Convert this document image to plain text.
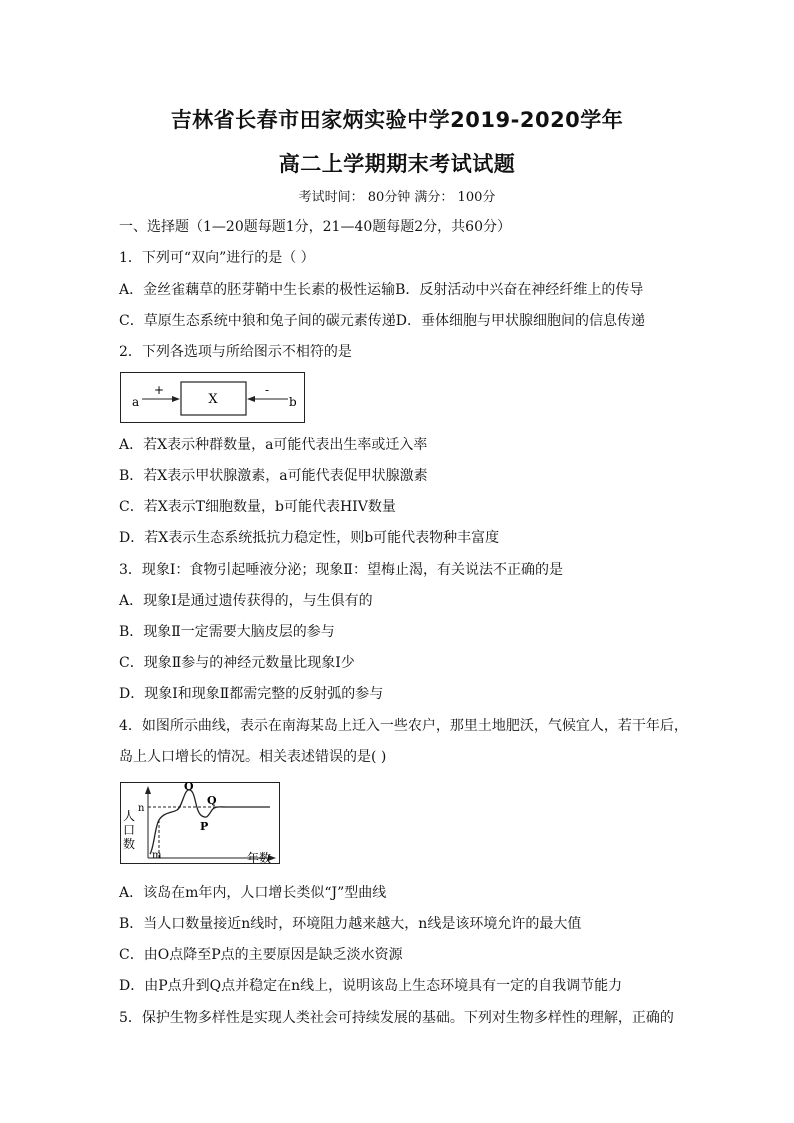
吉林省长春市田家炳实验中学2019-2020学年
高二上学期期末考试试题
考试时间： 80分钟 满分： 100分
一、选择题（1—20题每题1分，21—40题每题2分，共60分）
1．下列可“双向”进行的是（ ）
A．金丝雀藕草的胚芽鞘中生长素的极性运输B．反射活动中兴奋在神经纤维上的传导
C．草原生态系统中狼和兔子间的碳元素传递D．垂体细胞与甲状腺细胞间的信息传递
2．下列各选项与所给图示不相符的是
X
a
+
b
-
A．若X表示种群数量，a可能代表出生率或迁入率
B．若X表示甲状腺激素，a可能代表促甲状腺激素
C．若X表示T细胞数量，b可能代表HIV数量
D．若X表示生态系统抵抗力稳定性，则b可能代表物种丰富度
3．现象Ⅰ：食物引起唾液分泌；现象Ⅱ：望梅止渴，有关说法不正确的是
A．现象Ⅰ是通过遗传获得的，与生俱有的
B．现象Ⅱ一定需要大脑皮层的参与
C．现象Ⅱ参与的神经元数量比现象Ⅰ少
D．现象Ⅰ和现象Ⅱ都需完整的反射弧的参与
4．如图所示曲线，表示在南海某岛上迁入一些农户，那里土地肥沃，气候宜人，若干年后，
岛上人口增长的情况。相关表述错误的是( )
n
m
O
P
Q
人
口
数
年数
A．该岛在m年内，人口增长类似“J”型曲线
B．当人口数量接近n线时，环境阻力越来越大，n线是该环境允许的最大值
C．由O点降至P点的主要原因是缺乏淡水资源
D．由P点升到Q点并稳定在n线上，说明该岛上生态环境具有一定的自我调节能力
5．保护生物多样性是实现人类社会可持续发展的基础。下列对生物多样性的理解，正确的
